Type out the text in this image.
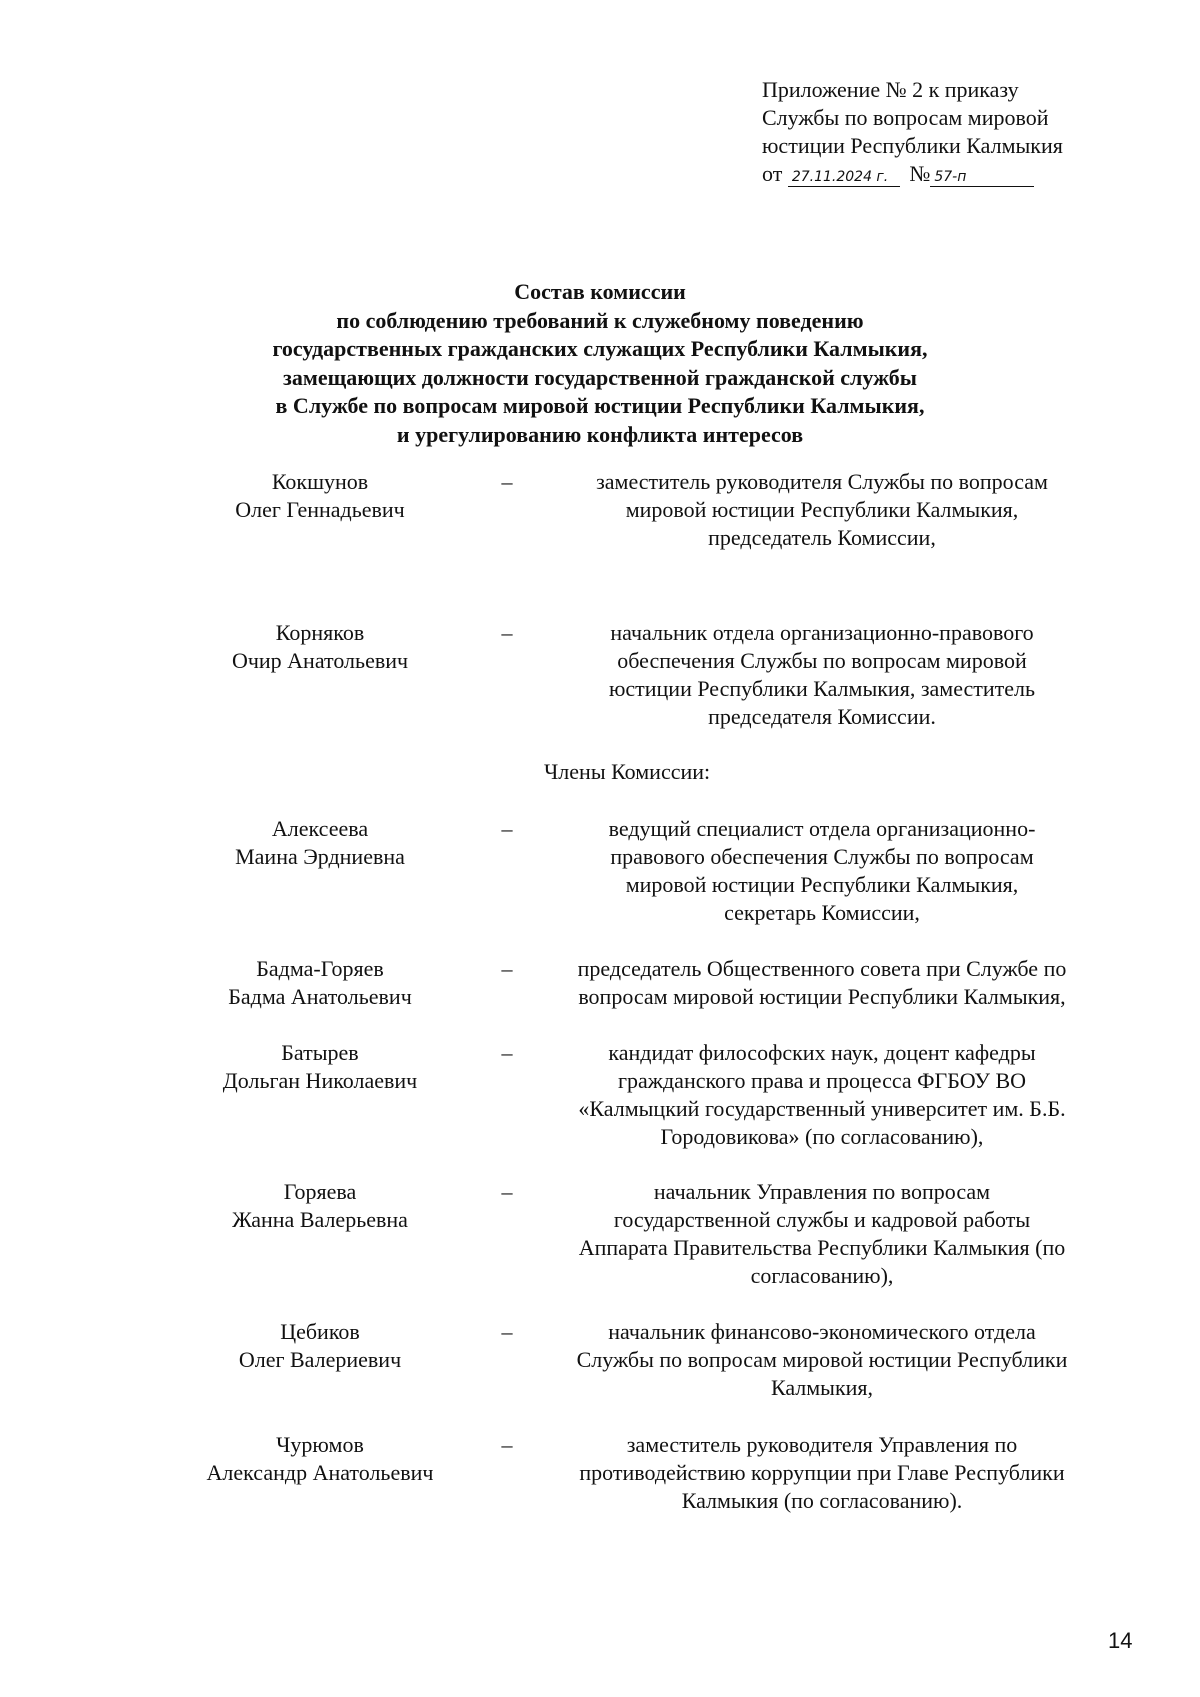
Приложение № 2 к приказу
Службы по вопросам мировой
юстиции Республики Калмыкия
от 27.11.2024 г. № 57-п
Состав комиссии
по соблюдению требований к служебному поведению
государственных гражданских служащих Республики Калмыкия,
замещающих должности государственной гражданской службы
в Службе по вопросам мировой юстиции Республики Калмыкия,
и урегулированию конфликта интересов
Кокшунов
Олег Геннадьевич
–	заместитель руководителя Службы по вопросам
мировой юстиции Республики Калмыкия,
председатель Комиссии,
Корняков
Очир Анатольевич
–	начальник отдела организационно-правового
обеспечения Службы по вопросам мировой
юстиции Республики Калмыкия, заместитель
председателя Комиссии.
Члены Комиссии:
Алексеева
Маина Эрдниевна
–	ведущий специалист отдела организационно-
правового обеспечения Службы по вопросам
мировой юстиции Республики Калмыкия,
секретарь Комиссии,
Бадма-Горяев
Бадма Анатольевич
–	председатель Общественного совета при Службе по
вопросам мировой юстиции Республики Калмыкия,
Батырев
Дольган Николаевич
–	кандидат философских наук, доцент кафедры
гражданского права и процесса ФГБОУ ВО
«Калмыцкий государственный университет им. Б.Б.
Городовикова» (по согласованию),
Горяева
Жанна Валерьевна
–	начальник Управления по вопросам
государственной службы и кадровой работы
Аппарата Правительства Республики Калмыкия (по
согласованию),
Цебиков
Олег Валериевич
–	начальник финансово-экономического отдела
Службы по вопросам мировой юстиции Республики
Калмыкия,
Чурюмов
Александр Анатольевич
–	заместитель руководителя Управления по
противодействию коррупции при Главе Республики
Калмыкия (по согласованию).
14
